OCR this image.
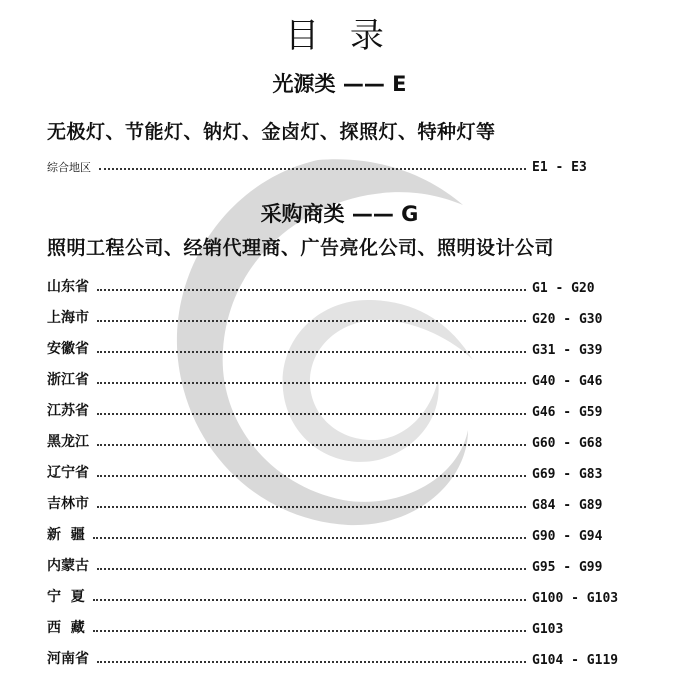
目 录
光源类 —— E
无极灯、节能灯、钠灯、金卤灯、探照灯、特种灯等
综合地区	E1 - E3
采购商类 —— G
照明工程公司、经销代理商、广告亮化公司、照明设计公司
山东省	G1 - G20
上海市	G20 - G30
安徽省	G31 - G39
浙江省	G40 - G46
江苏省	G46 - G59
黑龙江	G60 - G68
辽宁省	G69 - G83
吉林市	G84 - G89
新  疆	G90 - G94
内蒙古	G95 - G99
宁  夏	G100 - G103
西  藏	G103
河南省	G104 - G119
